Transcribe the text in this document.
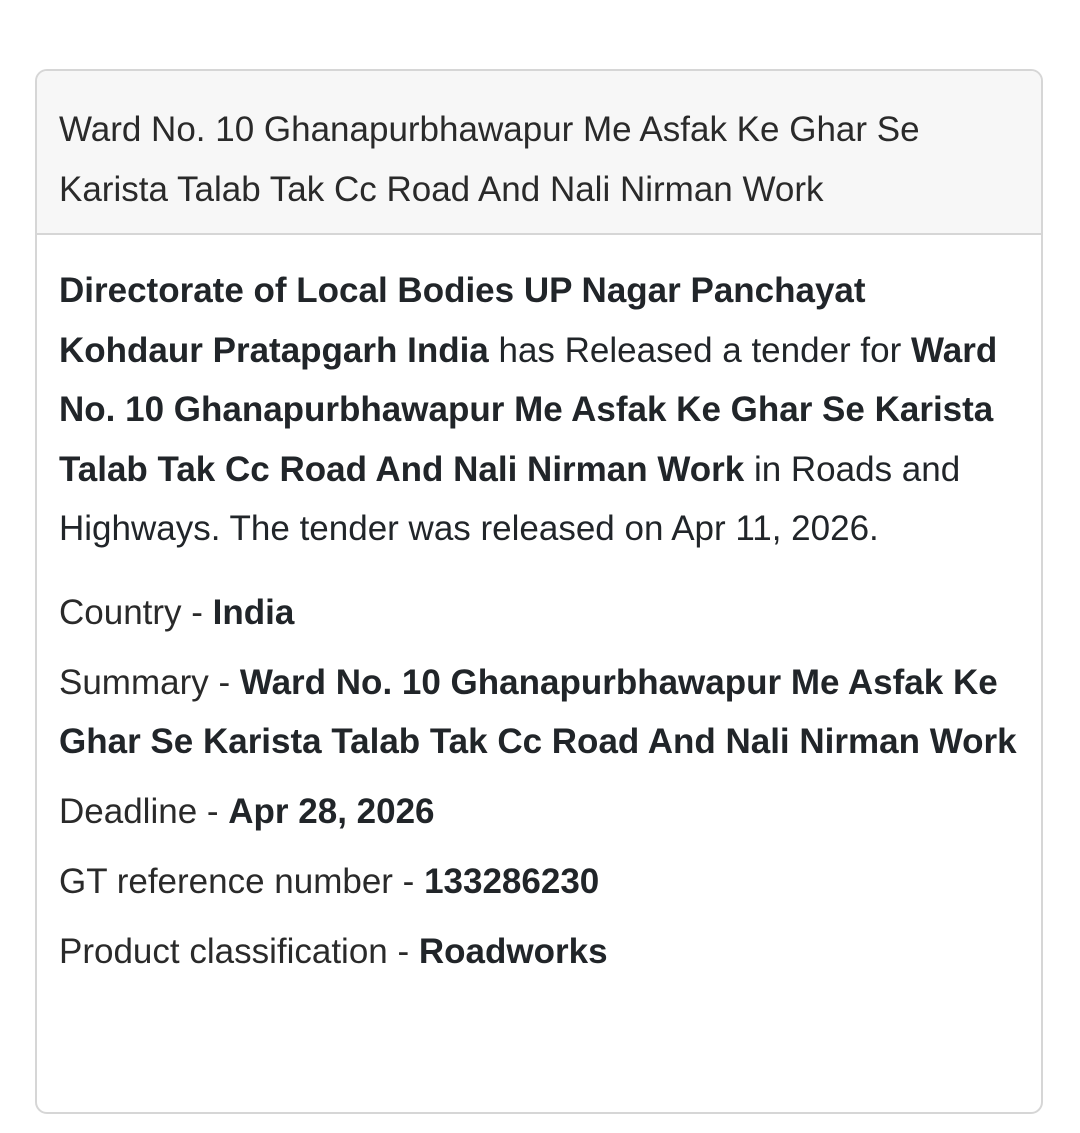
Ward No. 10 Ghanapurbhawapur Me Asfak Ke Ghar Se Karista Talab Tak Cc Road And Nali Nirman Work

Directorate of Local Bodies UP Nagar Panchayat Kohdaur Pratapgarh India has Released a tender for Ward No. 10 Ghanapurbhawapur Me Asfak Ke Ghar Se Karista Talab Tak Cc Road And Nali Nirman Work in Roads and Highways. The tender was released on Apr 11, 2026.

Country - India
Summary - Ward No. 10 Ghanapurbhawapur Me Asfak Ke Ghar Se Karista Talab Tak Cc Road And Nali Nirman Work
Deadline - Apr 28, 2026
GT reference number - 133286230
Product classification - Roadworks
